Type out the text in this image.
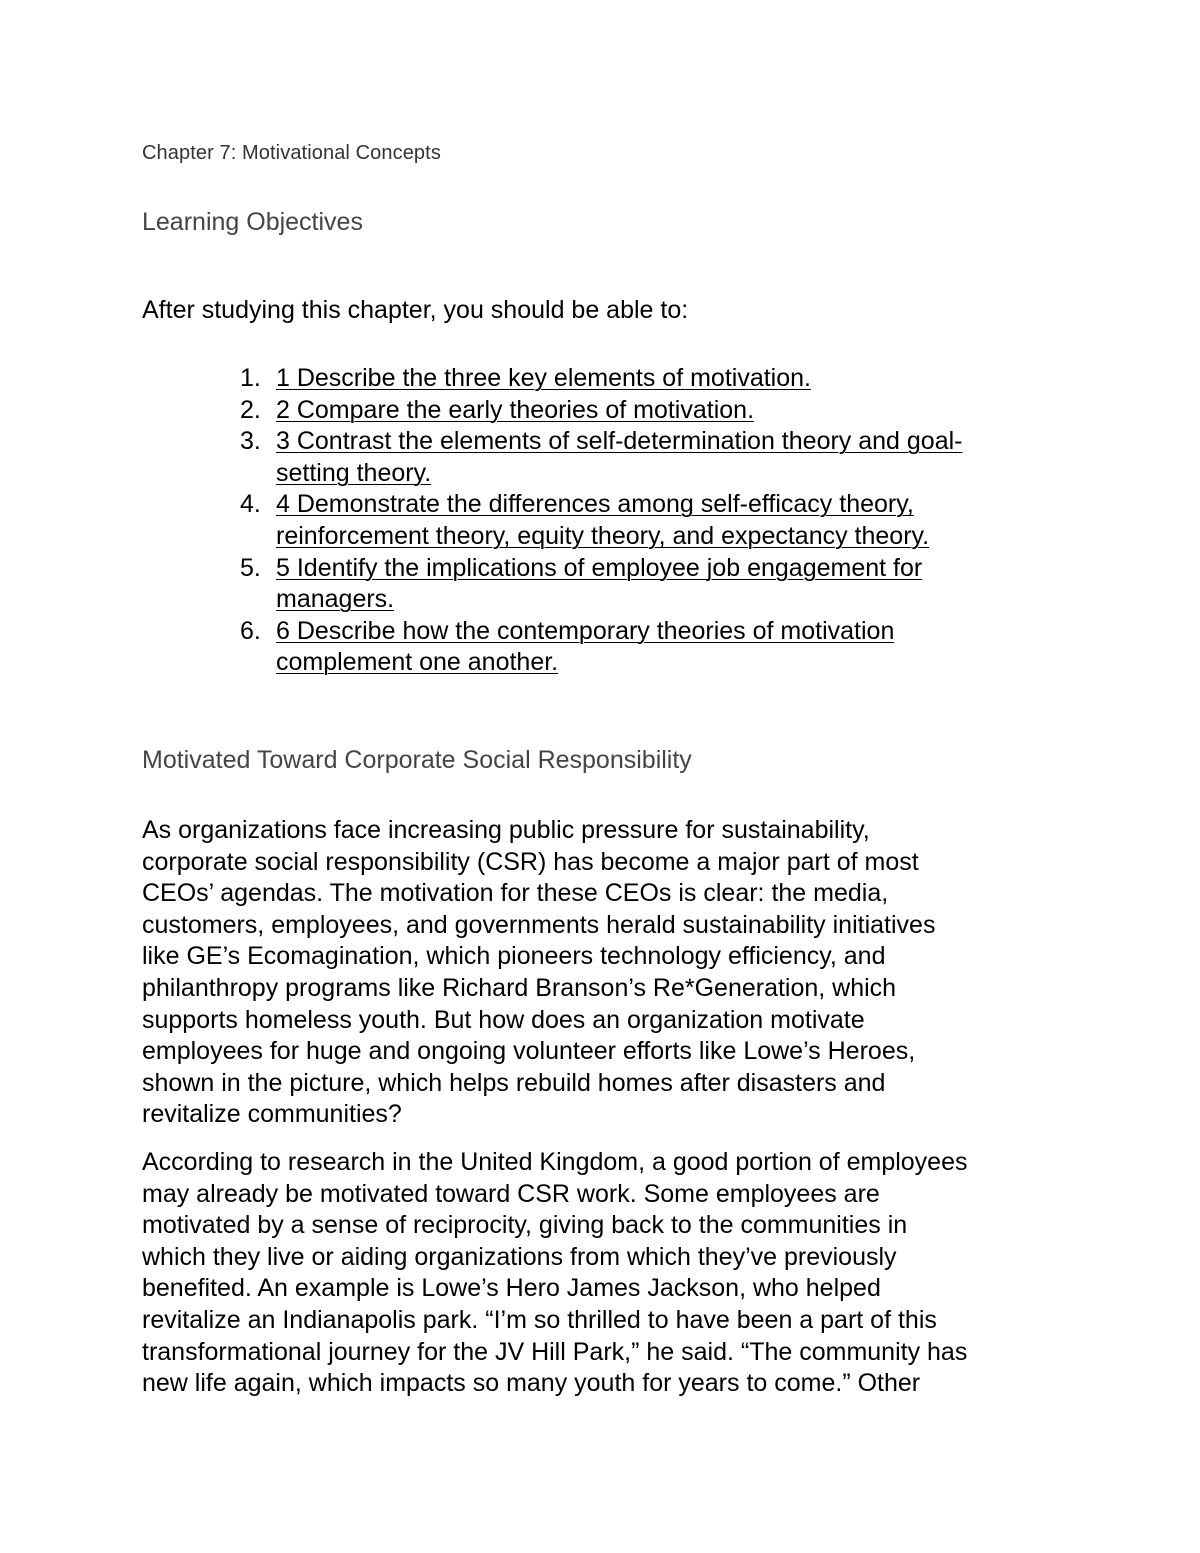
Chapter 7: Motivational Concepts
Learning Objectives
After studying this chapter, you should be able to:
1. 1 Describe the three key elements of motivation.
2. 2 Compare the early theories of motivation.
3. 3 Contrast the elements of self-determination theory and goal-
setting theory.
4. 4 Demonstrate the differences among self-efficacy theory,
reinforcement theory, equity theory, and expectancy theory.
5. 5 Identify the implications of employee job engagement for
managers.
6. 6 Describe how the contemporary theories of motivation
complement one another.
Motivated Toward Corporate Social Responsibility

As organizations face increasing public pressure for sustainability,
corporate social responsibility (CSR) has become a major part of most
CEOs’ agendas. The motivation for these CEOs is clear: the media,
customers, employees, and governments herald sustainability initiatives
like GE’s Ecomagination, which pioneers technology efficiency, and
philanthropy programs like Richard Branson’s Re*Generation, which
supports homeless youth. But how does an organization motivate
employees for huge and ongoing volunteer efforts like Lowe’s Heroes,
shown in the picture, which helps rebuild homes after disasters and
revitalize communities?

According to research in the United Kingdom, a good portion of employees
may already be motivated toward CSR work. Some employees are
motivated by a sense of reciprocity, giving back to the communities in
which they live or aiding organizations from which they’ve previously
benefited. An example is Lowe’s Hero James Jackson, who helped
revitalize an Indianapolis park. “I’m so thrilled to have been a part of this
transformational journey for the JV Hill Park,” he said. “The community has
new life again, which impacts so many youth for years to come.” Other
